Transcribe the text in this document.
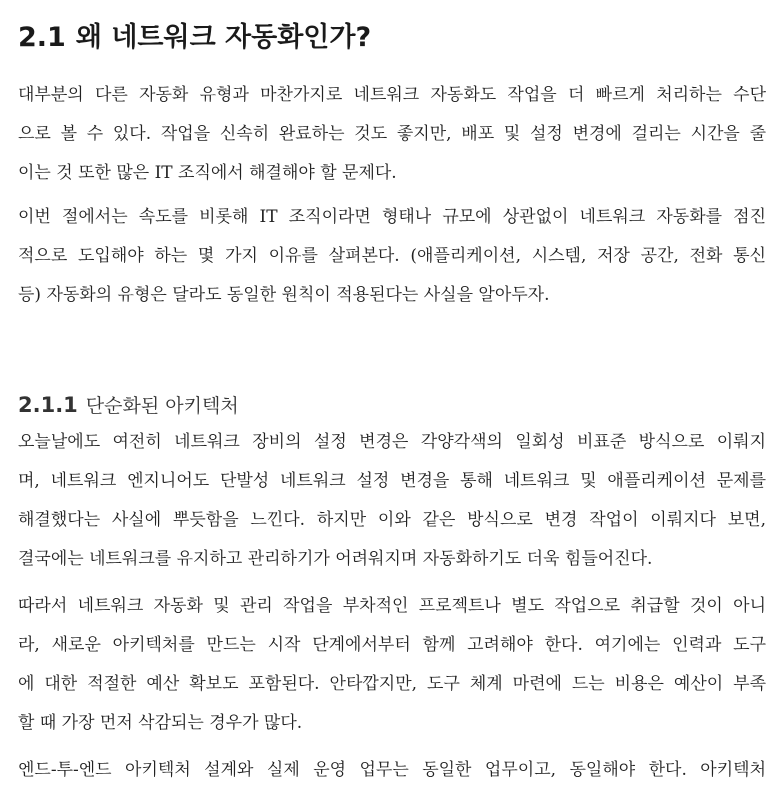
2.1 왜 네트워크 자동화인가?
대부분의 다른 자동화 유형과 마찬가지로 네트워크 자동화도 작업을 더 빠르게 처리하는 수단
으로 볼 수 있다. 작업을 신속히 완료하는 것도 좋지만, 배포 및 설정 변경에 걸리는 시간을 줄
이는 것 또한 많은 IT 조직에서 해결해야 할 문제다.
이번 절에서는 속도를 비롯해 IT 조직이라면 형태나 규모에 상관없이 네트워크 자동화를 점진
적으로 도입해야 하는 몇 가지 이유를 살펴본다. (애플리케이션, 시스템, 저장 공간, 전화 통신
등) 자동화의 유형은 달라도 동일한 원칙이 적용된다는 사실을 알아두자.
2.1.1 단순화된 아키텍처
오늘날에도 여전히 네트워크 장비의 설정 변경은 각양각색의 일회성 비표준 방식으로 이뤄지
며, 네트워크 엔지니어도 단발성 네트워크 설정 변경을 통해 네트워크 및 애플리케이션 문제를
해결했다는 사실에 뿌듯함을 느낀다. 하지만 이와 같은 방식으로 변경 작업이 이뤄지다 보면,
결국에는 네트워크를 유지하고 관리하기가 어려워지며 자동화하기도 더욱 힘들어진다.
따라서 네트워크 자동화 및 관리 작업을 부차적인 프로젝트나 별도 작업으로 취급할 것이 아니
라, 새로운 아키텍처를 만드는 시작 단계에서부터 함께 고려해야 한다. 여기에는 인력과 도구
에 대한 적절한 예산 확보도 포함된다. 안타깝지만, 도구 체계 마련에 드는 비용은 예산이 부족
할 때 가장 먼저 삭감되는 경우가 많다.
엔드-투-엔드 아키텍처 설계와 실제 운영 업무는 동일한 업무이고, 동일해야 한다. 아키텍처
